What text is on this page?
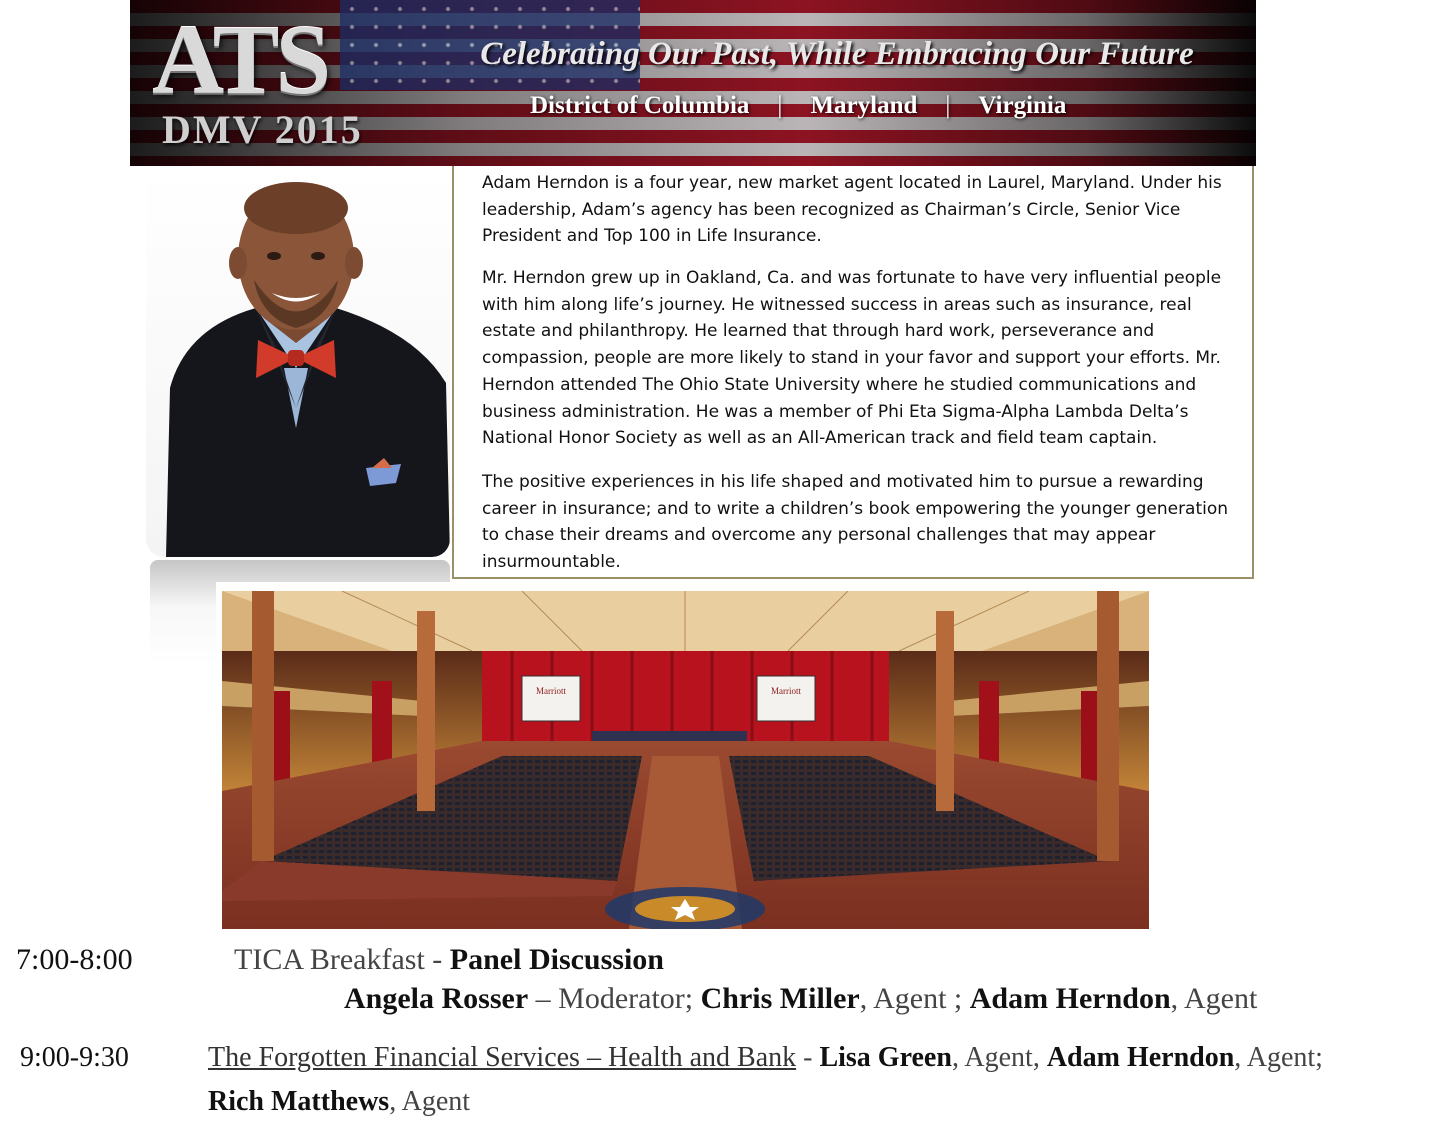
ATS
DMV 2015
Celebrating Our Past, While Embracing Our Future
District of Columbia | Maryland | Virginia

Adam Herndon is a four year, new market agent located in Laurel, Maryland. Under his leadership, Adam’s agency has been recognized as Chairman’s Circle, Senior Vice President and Top 100 in Life Insurance.

Mr. Herndon grew up in Oakland, Ca. and was fortunate to have very influential people with him along life’s journey. He witnessed success in areas such as insurance, real estate and philanthropy. He learned that through hard work, perseverance and compassion, people are more likely to stand in your favor and support your efforts. Mr. Herndon attended The Ohio State University where he studied communications and business administration. He was a member of Phi Eta Sigma-Alpha Lambda Delta’s National Honor Society as well as an All-American track and field team captain.

The positive experiences in his life shaped and motivated him to pursue a rewarding career in insurance; and to write a children’s book empowering the younger generation to chase their dreams and overcome any personal challenges that may appear insurmountable.

Marriott	Marriott
7:00-8:00	TICA Breakfast - Panel Discussion
Angela Rosser – Moderator; Chris Miller, Agent ; Adam Herndon, Agent
9:00-9:30	The Forgotten Financial Services – Health and Bank - Lisa Green, Agent, Adam Herndon, Agent;
Rich Matthews, Agent
